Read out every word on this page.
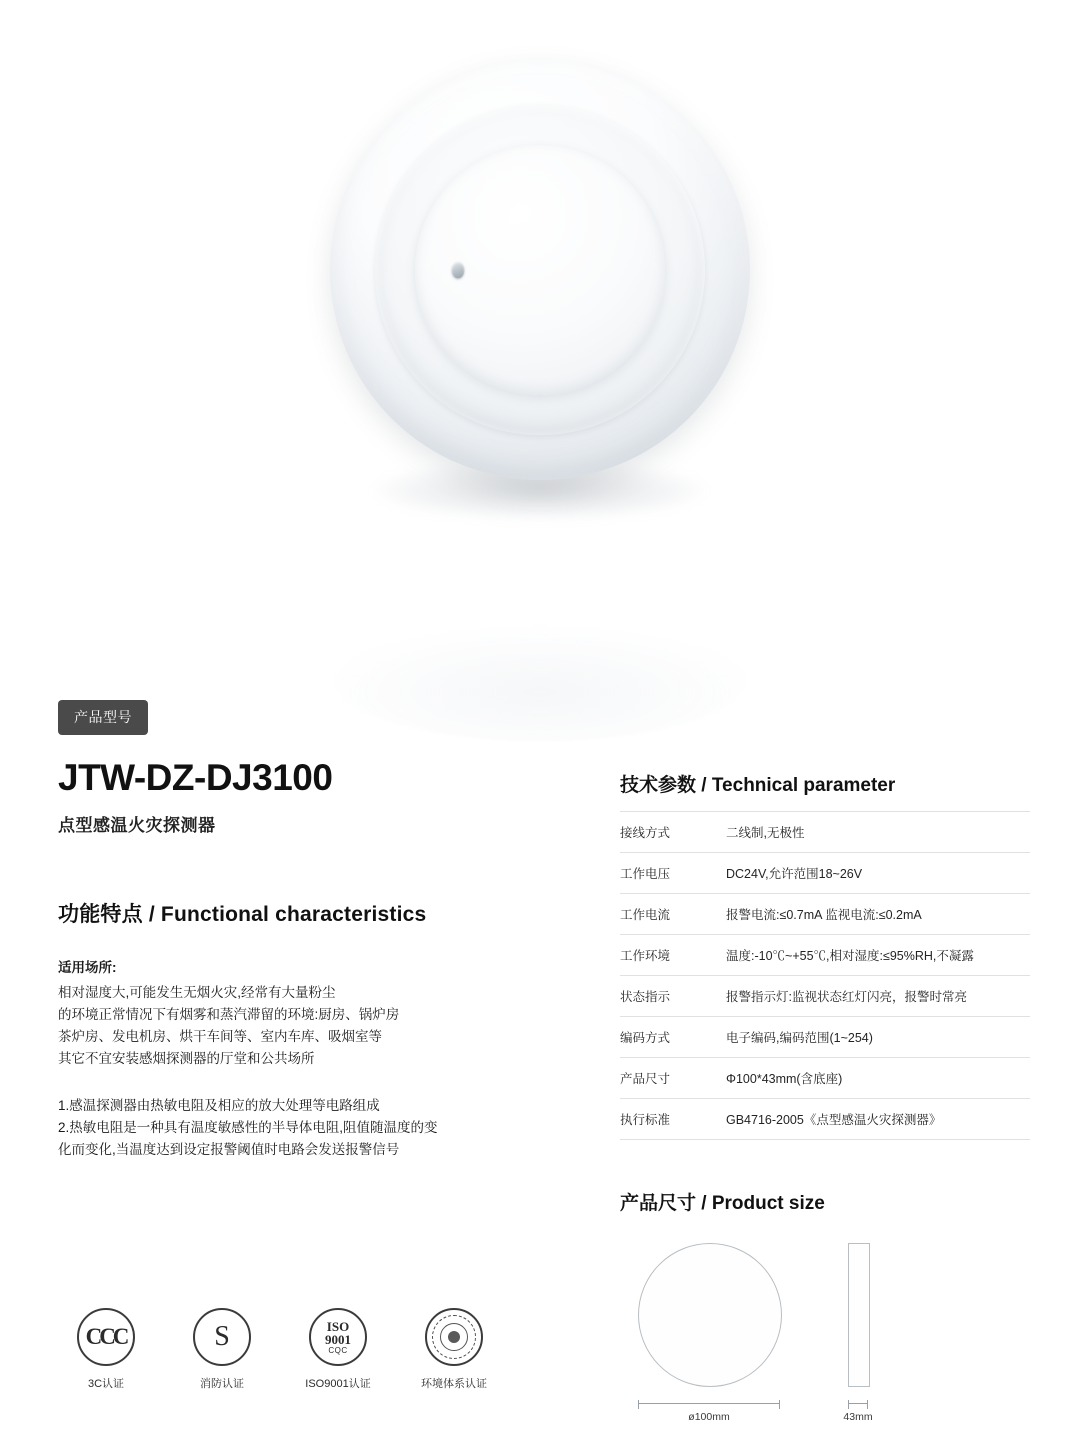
产品型号
JTW-DZ-DJ3100
点型感温火灾探测器
功能特点 / Functional characteristics
适用场所:

相对湿度大,可能发生无烟火灾,经常有大量粉尘

的环境正常情况下有烟雾和蒸汽滞留的环境:厨房、锅炉房

茶炉房、发电机房、烘干车间等、室内车库、吸烟室等

其它不宜安装感烟探测器的厅堂和公共场所

1.感温探测器由热敏电阻及相应的放大处理等电路组成

2.热敏电阻是一种具有温度敏感性的半导体电阻,阻值随温度的变

化而变化,当温度达到设定报警阈值时电路会发送报警信号

CCC
3C认证
S
消防认证
ISO
9001
CQC
ISO9001认证	环境体系认证
技术参数 / Technical parameter
接线方式	二线制,无极性
工作电压	DC24V,允许范围18~26V
工作电流	报警电流:≤0.7mA 监视电流:≤0.2mA
工作环境	温度:-10℃~+55℃,相对湿度:≤95%RH,不凝露
状态指示	报警指示灯:监视状态红灯闪亮，报警时常亮
编码方式	电子编码,编码范围(1~254)
产品尺寸	Φ100*43mm(含底座)
执行标准	GB4716-2005《点型感温火灾探测器》
产品尺寸 / Product size
ø100mm	43mm
